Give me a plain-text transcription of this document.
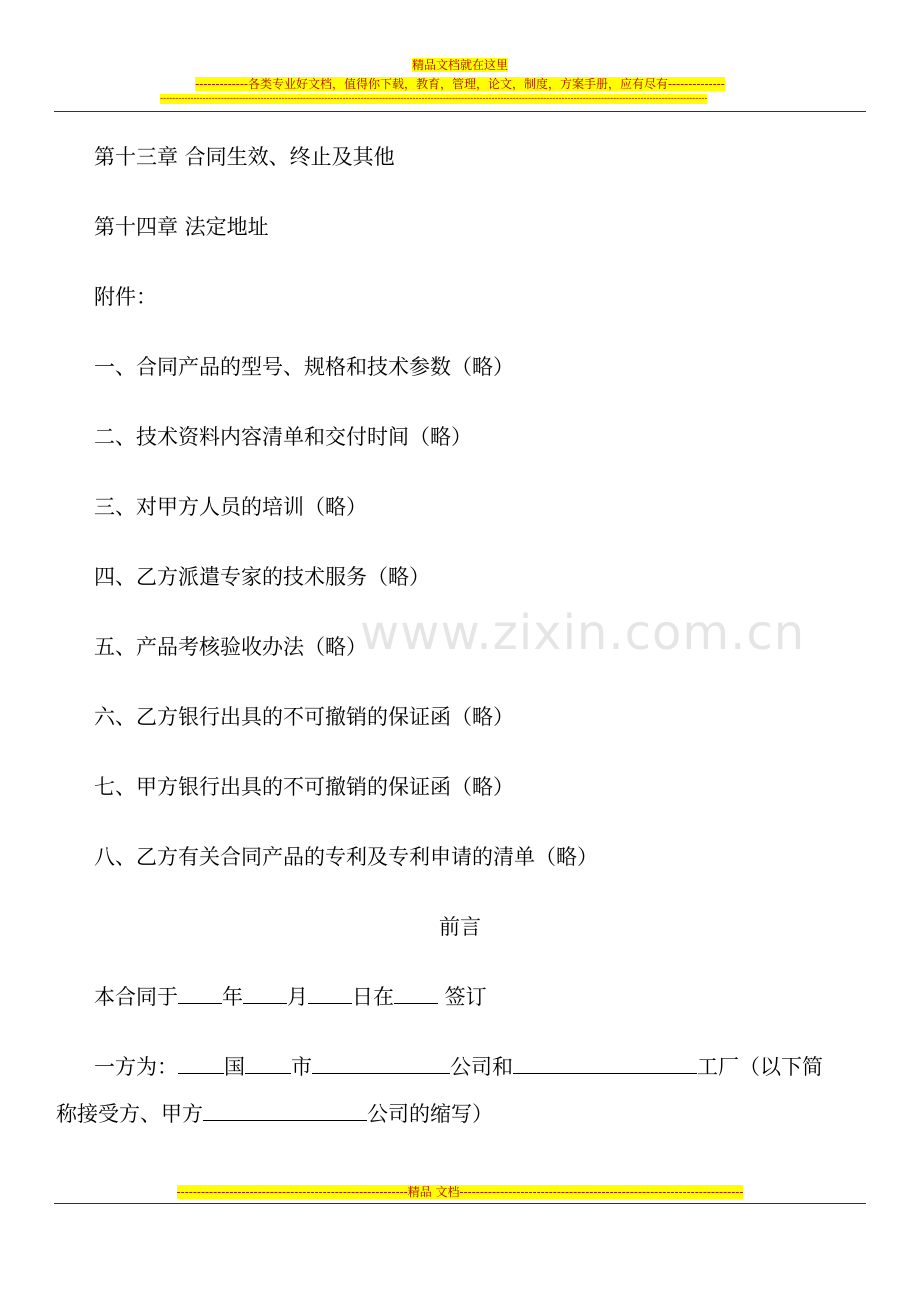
精品文档就在这里
-------------各类专业好文档，值得你下载，教育，管理，论文，制度，方案手册，应有尽有--------------
------------------------------------------------------------------------------------------------------------------------------------------------------------------------------------
第十三章 合同生效、终止及其他
第十四章 法定地址
附件：
一、合同产品的型号、规格和技术参数（略）
二、技术资料内容清单和交付时间（略）
三、对甲方人员的培训（略）
四、乙方派遣专家的技术服务（略）
五、产品考核验收办法（略）
六、乙方银行出具的不可撤销的保证函（略）
七、甲方银行出具的不可撤销的保证函（略）
八、乙方有关合同产品的专利及专利申请的清单（略）
www.zixin.com.cn
前言
本合同于 年 月 日在 签订
一方为： 国 市	公司和	工厂（以下简
称接受方、甲方	公司的缩写）
---------------------------------------------------------精品 文档----------------------------------------------------------------------
